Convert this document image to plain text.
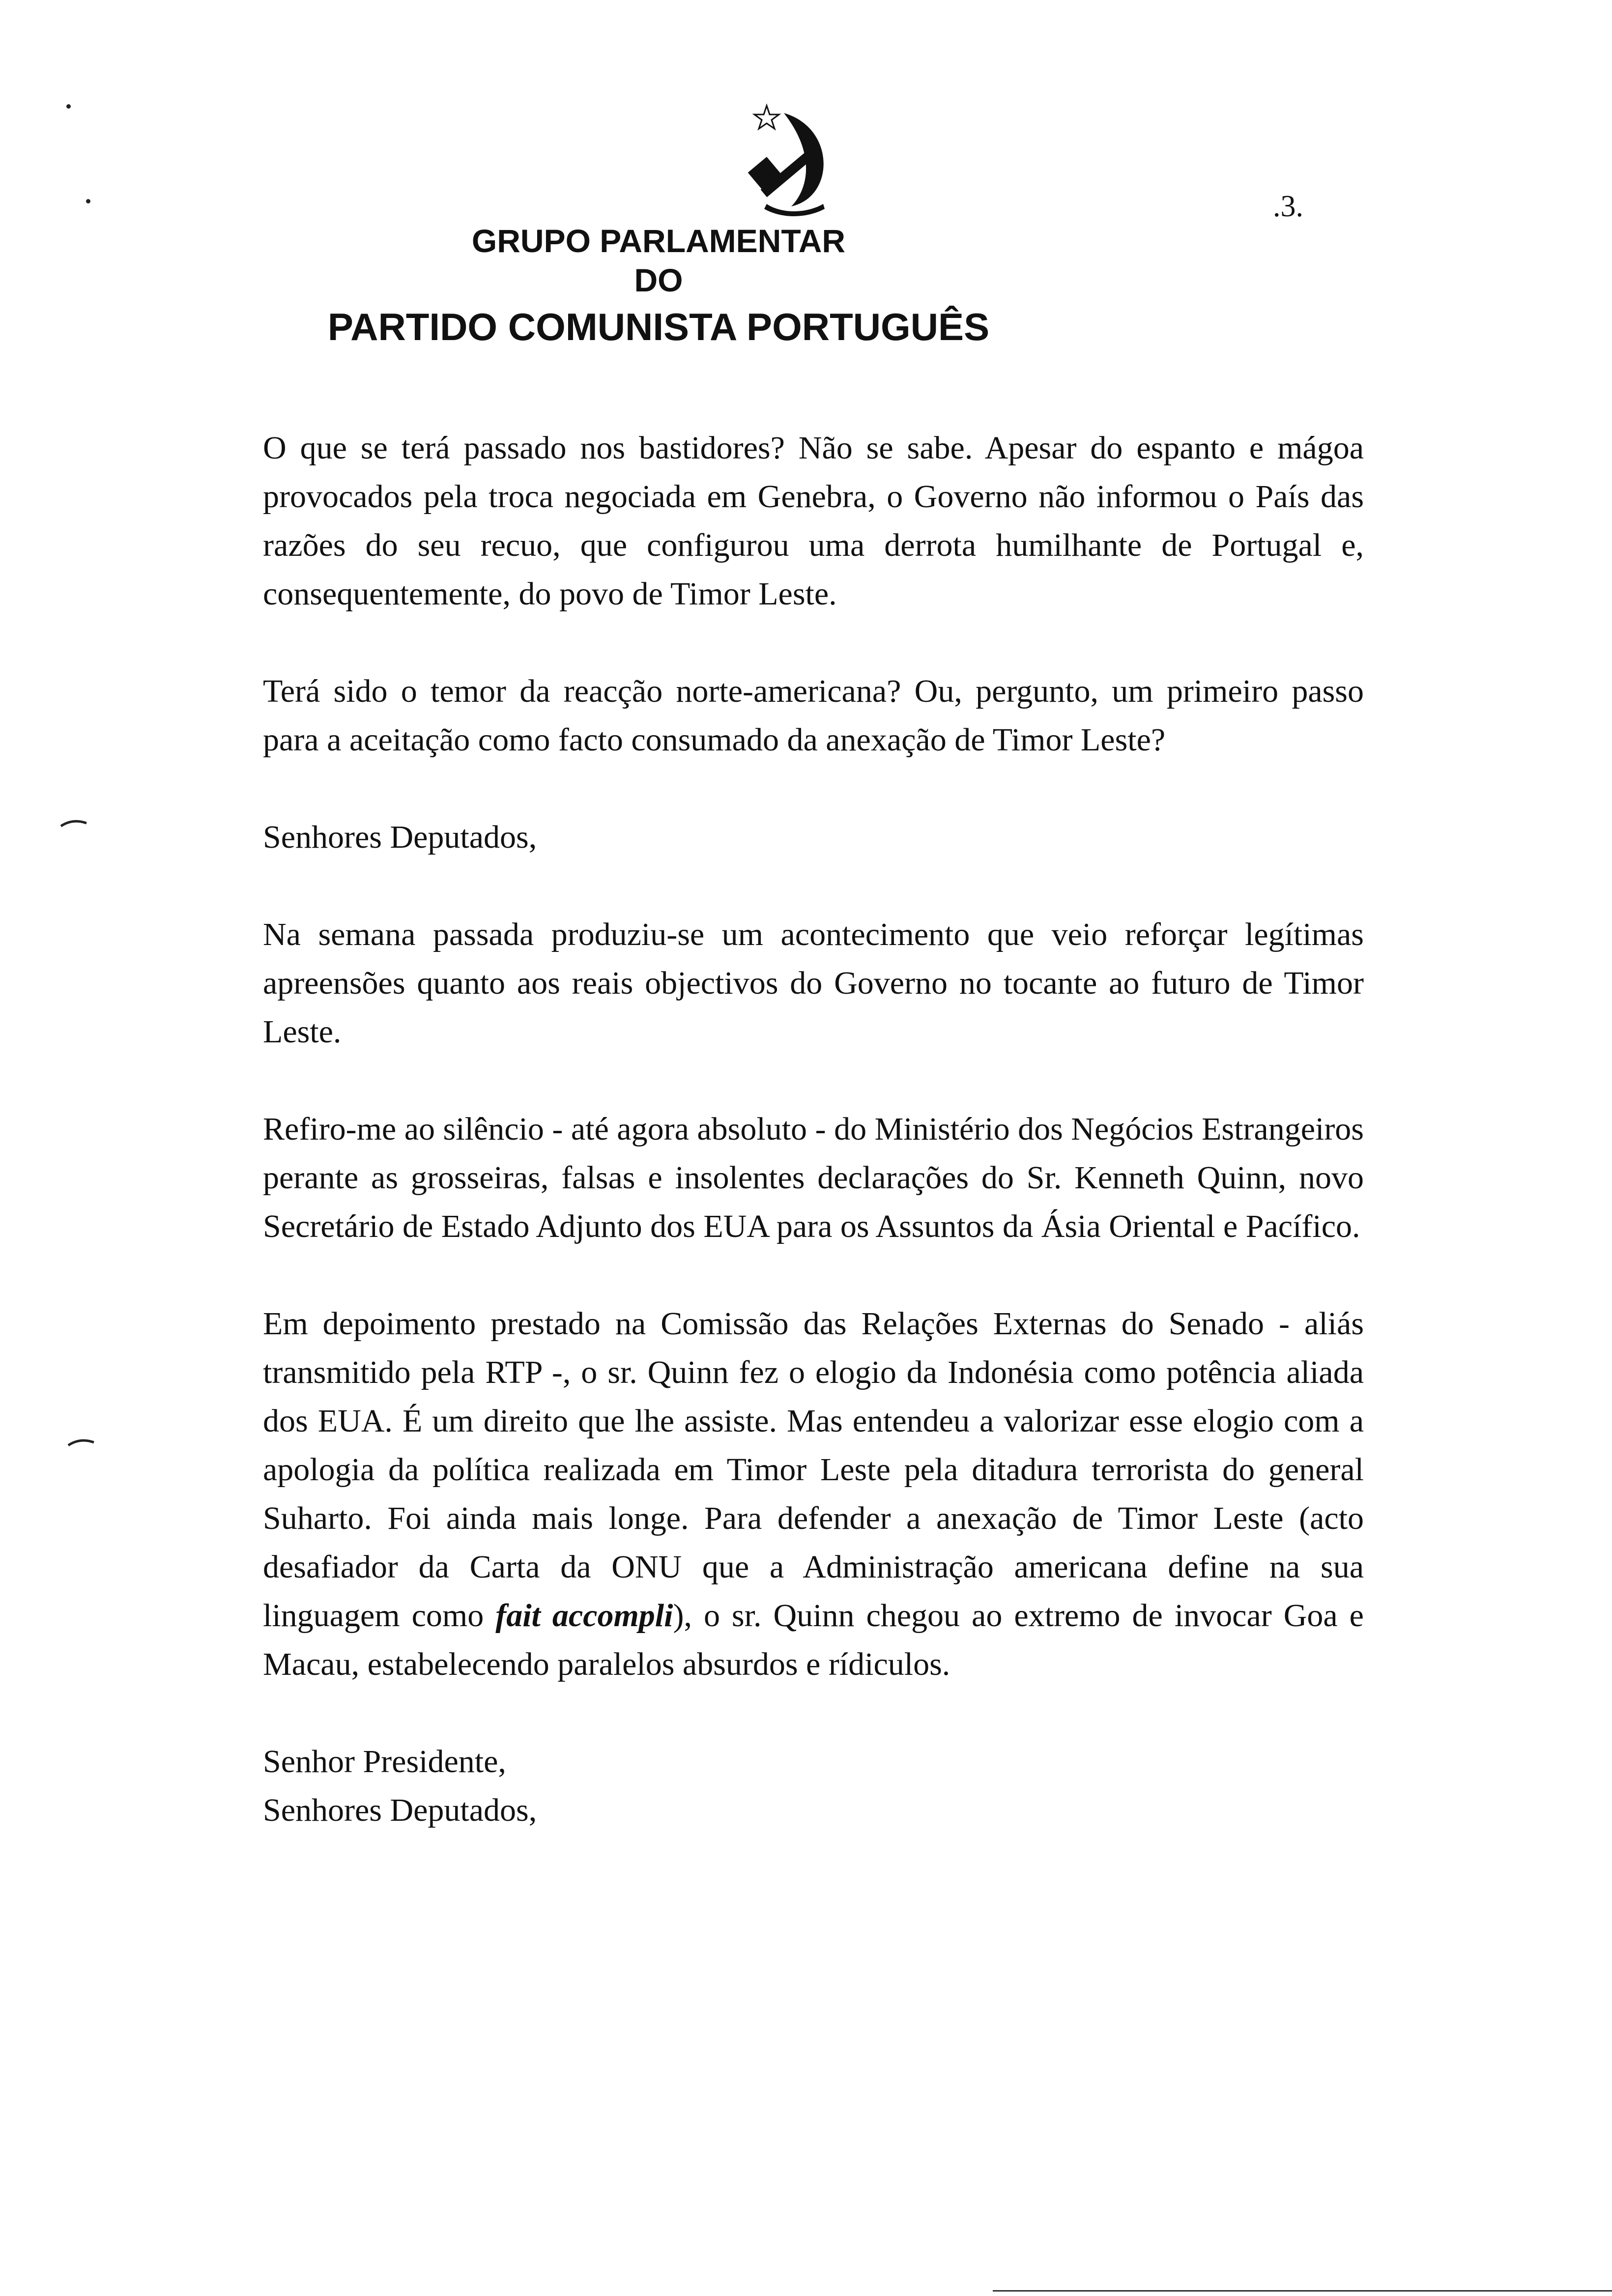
.3.
GRUPO PARLAMENTAR
DO
PARTIDO COMUNISTA PORTUGUÊS

O que se terá passado nos bastidores? Não se sabe. Apesar do espanto e mágoa provocados pela troca negociada em Genebra, o Governo não informou o País das razões do seu recuo, que configurou uma derrota humilhante de Portugal e, consequentemente, do povo de Timor Leste.

Terá sido o temor da reacção norte-americana? Ou, pergunto, um primeiro passo para a aceitação como facto consumado da anexação de Timor Leste?

Senhores Deputados,

Na semana passada produziu-se um acontecimento que veio reforçar legítimas apreensões quanto aos reais objectivos do Governo no tocante ao futuro de Timor Leste.

Refiro-me ao silêncio - até agora absoluto - do Ministério dos Negócios Estrangeiros perante as grosseiras, falsas e insolentes declarações do Sr. Kenneth Quinn, novo Secretário de Estado Adjunto dos EUA para os Assuntos da Ásia Oriental e Pacífico.

Em depoimento prestado na Comissão das Relações Externas do Senado - aliás transmitido pela RTP -, o sr. Quinn fez o elogio da Indonésia como potência aliada dos EUA. É um direito que lhe assiste. Mas entendeu a valorizar esse elogio com a apologia da política realizada em Timor Leste pela ditadura terrorista do general Suharto. Foi ainda mais longe. Para defender a anexação de Timor Leste (acto desafiador da Carta da ONU que a Administração americana define na sua linguagem como fait accompli), o sr. Quinn chegou ao extremo de invocar Goa e Macau, estabelecendo paralelos absurdos e rídiculos.

Senhor Presidente,
Senhores Deputados,
